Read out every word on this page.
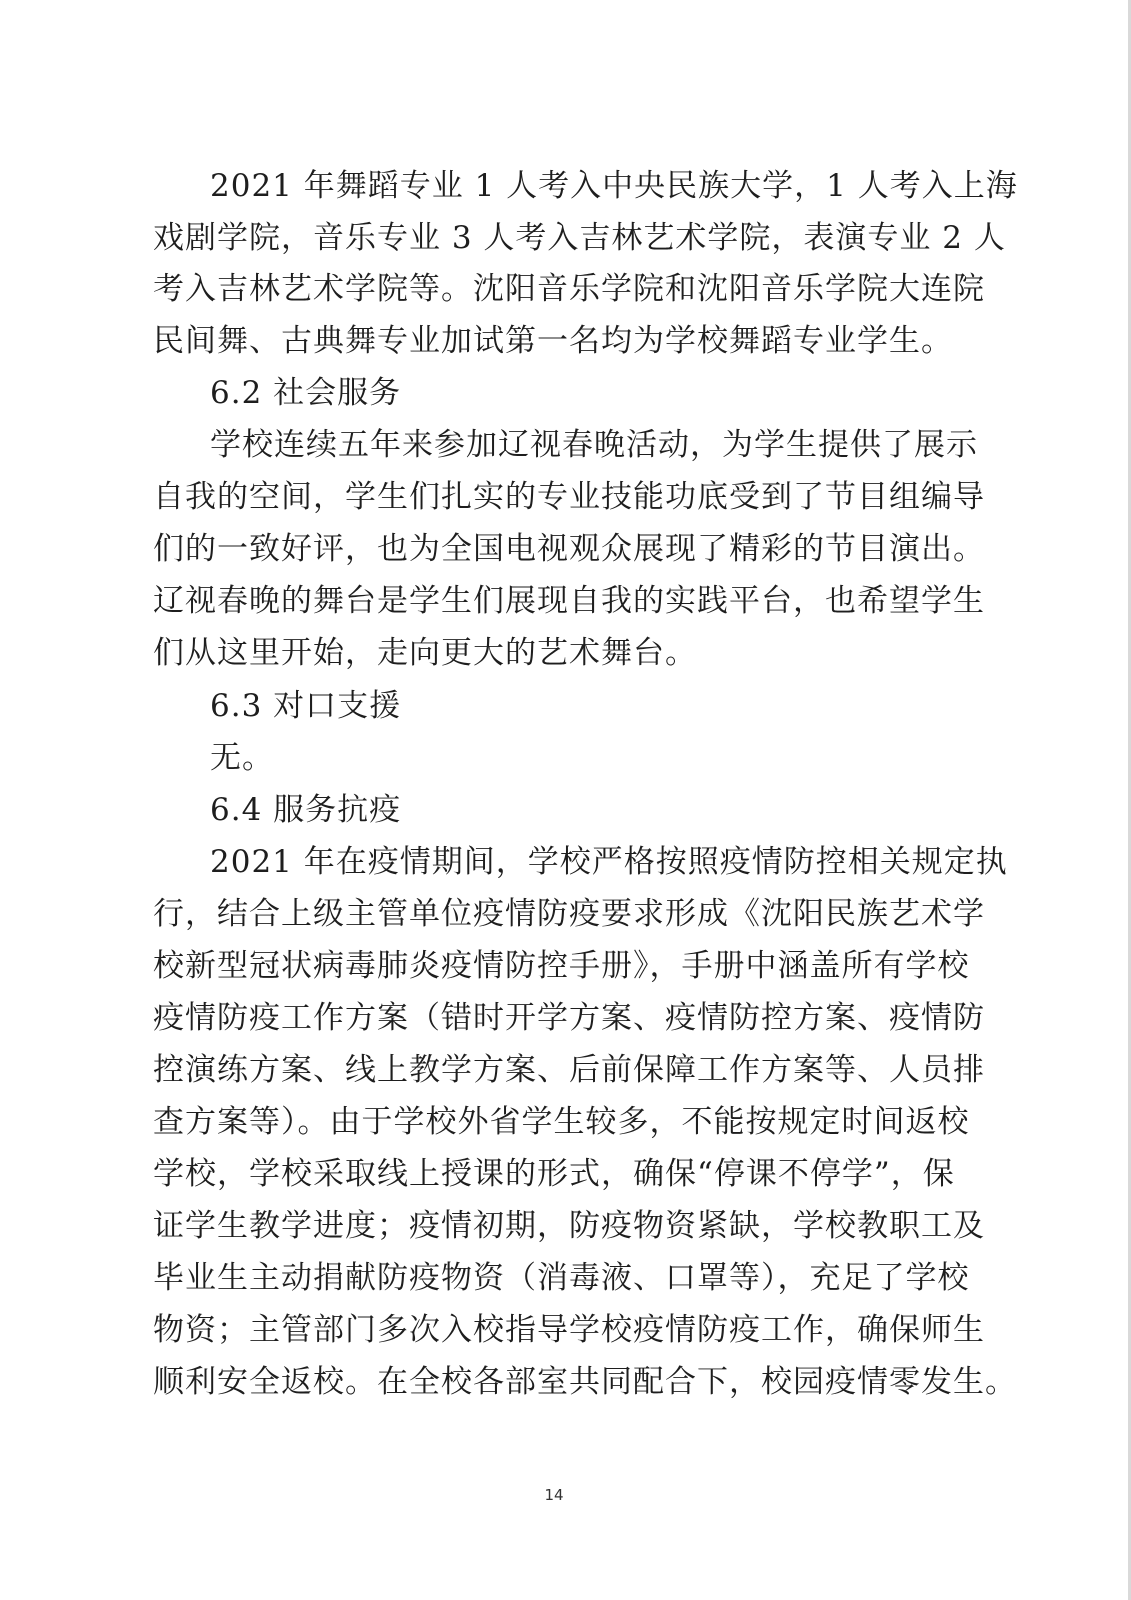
2021 年舞蹈专业 1 人考入中央民族大学，1 人考入上海
戏剧学院，音乐专业 3 人考入吉林艺术学院，表演专业 2 人
考入吉林艺术学院等。沈阳音乐学院和沈阳音乐学院大连院
民间舞、古典舞专业加试第一名均为学校舞蹈专业学生。
6.2 社会服务
学校连续五年来参加辽视春晚活动，为学生提供了展示
自我的空间，学生们扎实的专业技能功底受到了节目组编导
们的一致好评，也为全国电视观众展现了精彩的节目演出。
辽视春晚的舞台是学生们展现自我的实践平台，也希望学生
们从这里开始，走向更大的艺术舞台。
6.3 对口支援
无。
6.4 服务抗疫
2021 年在疫情期间，学校严格按照疫情防控相关规定执
行，结合上级主管单位疫情防疫要求形成《沈阳民族艺术学
校新型冠状病毒肺炎疫情防控手册》，手册中涵盖所有学校
疫情防疫工作方案（错时开学方案、疫情防控方案、疫情防
控演练方案、线上教学方案、后前保障工作方案等、人员排
查方案等）。由于学校外省学生较多，不能按规定时间返校
学校，学校采取线上授课的形式，确保“停课不停学”，保
证学生教学进度；疫情初期，防疫物资紧缺，学校教职工及
毕业生主动捐献防疫物资（消毒液、口罩等），充足了学校
物资；主管部门多次入校指导学校疫情防疫工作，确保师生
顺利安全返校。在全校各部室共同配合下，校园疫情零发生。
14
